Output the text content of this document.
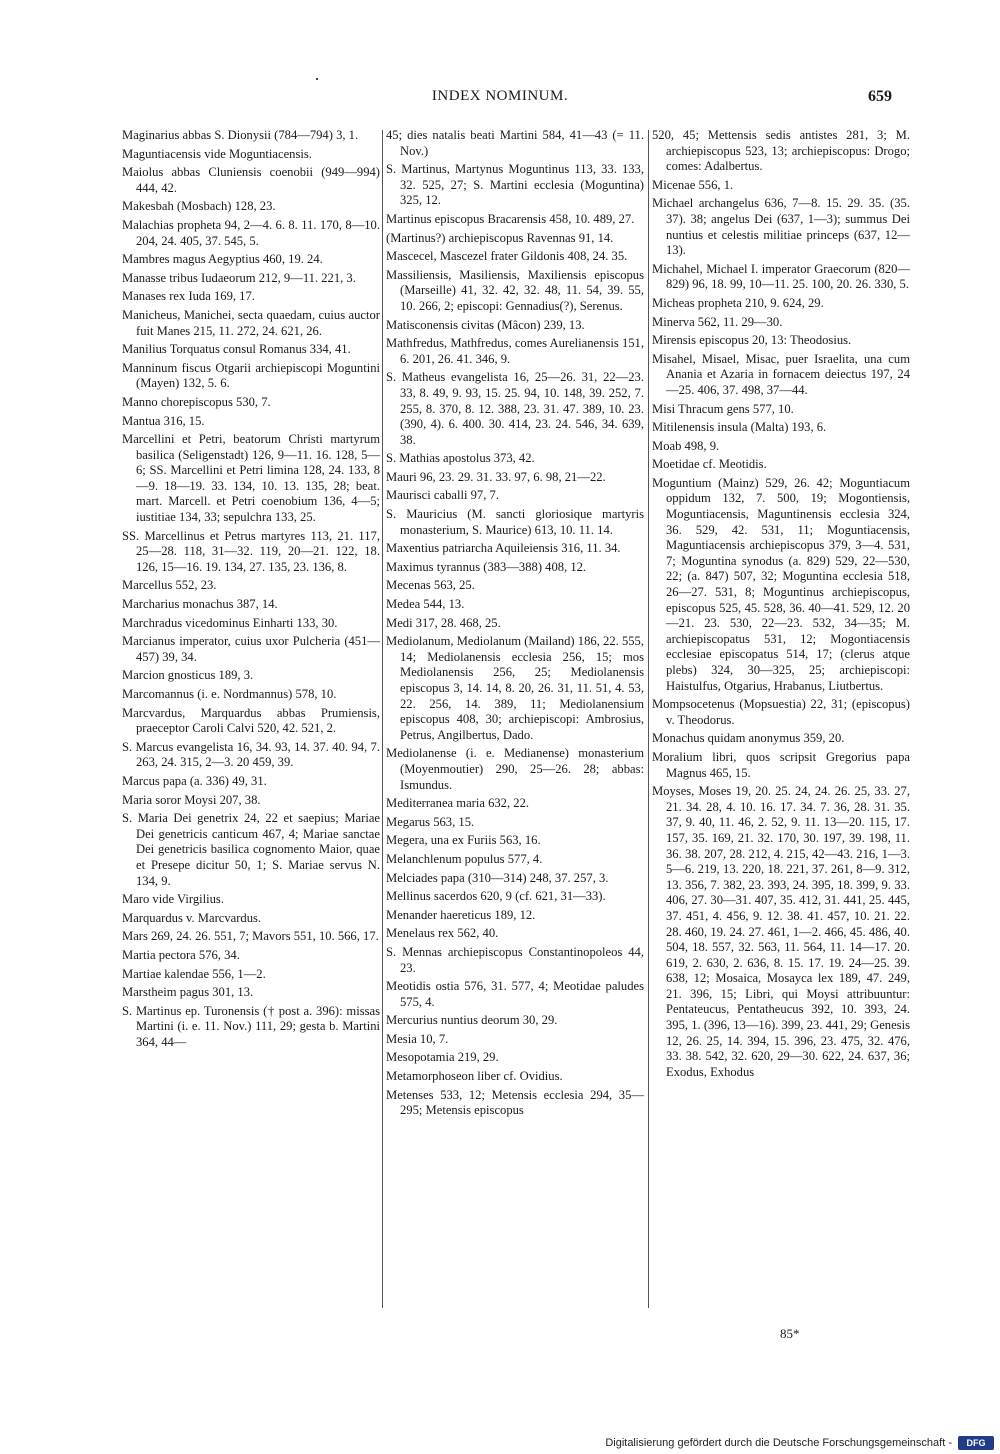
INDEX NOMINUM.	659

Maginarius abbas S. Dionysii (784—794) 3, 1.

Maguntiacensis vide Moguntiacensis.

Maiolus abbas Cluniensis coenobii (949—994) 444, 42.

Makesbah (Mosbach) 128, 23.

Malachias propheta 94, 2—4. 6. 8. 11. 170, 8—10. 204, 24. 405, 37. 545, 5.

Mambres magus Aegyptius 460, 19. 24.

Manasse tribus Iudaeorum 212, 9—11. 221, 3.

Manases rex Iuda 169, 17.

Manicheus, Manichei, secta quaedam, cuius auctor fuit Manes 215, 11. 272, 24. 621, 26.

Manilius Torquatus consul Romanus 334, 41.

Manninum fiscus Otgarii archiepiscopi Moguntini (Mayen) 132, 5. 6.

Manno chorepiscopus 530, 7.

Mantua 316, 15.

Marcellini et Petri, beatorum Christi martyrum basilica (Seligenstadt) 126, 9—11. 16. 128, 5—6; SS. Marcellini et Petri limina 128, 24. 133, 8—9. 18—19. 33. 134, 10. 13. 135, 28; beat. mart. Marcell. et Petri coenobium 136, 4—5; iustitiae 134, 33; sepulchra 133, 25.

SS. Marcellinus et Petrus martyres 113, 21. 117, 25—28. 118, 31—32. 119, 20—21. 122, 18. 126, 15—16. 19. 134, 27. 135, 23. 136, 8.

Marcellus 552, 23.

Marcharius monachus 387, 14.

Marchradus vicedominus Einharti 133, 30.

Marcianus imperator, cuius uxor Pulcheria (451—457) 39, 34.

Marcion gnosticus 189, 3.

Marcomannus (i. e. Nordmannus) 578, 10.

Marcvardus, Marquardus abbas Prumiensis, praeceptor Caroli Calvi 520, 42. 521, 2.

S. Marcus evangelista 16, 34. 93, 14. 37. 40. 94, 7. 263, 24. 315, 2—3. 20 459, 39.

Marcus papa (a. 336) 49, 31.

Maria soror Moysi 207, 38.

S. Maria Dei genetrix 24, 22 et saepius; Mariae Dei genetricis canticum 467, 4; Mariae sanctae Dei genetricis basilica cognomento Maior, quae et Presepe dicitur 50, 1; S. Mariae servus N. 134, 9.

Maro vide Virgilius.

Marquardus v. Marcvardus.

Mars 269, 24. 26. 551, 7; Mavors 551, 10. 566, 17.

Martia pectora 576, 34.

Martiae kalendae 556, 1—2.

Marstheim pagus 301, 13.

S. Martinus ep. Turonensis († post a. 396): missas Martini (i. e. 11. Nov.) 111, 29; gesta b. Martini 364, 44—

45; dies natalis beati Martini 584, 41—43 (= 11. Nov.)

S. Martinus, Martynus Moguntinus 113, 33. 133, 32. 525, 27; S. Martini ecclesia (Moguntina) 325, 12.

Martinus episcopus Bracarensis 458, 10. 489, 27.

(Martinus?) archiepiscopus Ravennas 91, 14.

Mascecel, Mascezel frater Gildonis 408, 24. 35.

Massiliensis, Masiliensis, Maxiliensis episcopus (Marseille) 41, 32. 42, 32. 48, 11. 54, 39. 55, 10. 266, 2; episcopi: Gennadius(?), Serenus.

Matisconensis civitas (Mâcon) 239, 13.

Mathfredus, Mathfredus, comes Aurelianensis 151, 6. 201, 26. 41. 346, 9.

S. Matheus evangelista 16, 25—26. 31, 22—23. 33, 8. 49, 9. 93, 15. 25. 94, 10. 148, 39. 252, 7. 255, 8. 370, 8. 12. 388, 23. 31. 47. 389, 10. 23. (390, 4). 6. 400. 30. 414, 23. 24. 546, 34. 639, 38.

S. Mathias apostolus 373, 42.

Mauri 96, 23. 29. 31. 33. 97, 6. 98, 21—22.

Maurisci caballi 97, 7.

S. Mauricius (M. sancti gloriosique martyris monasterium, S. Maurice) 613, 10. 11. 14.

Maxentius patriarcha Aquileiensis 316, 11. 34.

Maximus tyrannus (383—388) 408, 12.

Mecenas 563, 25.

Medea 544, 13.

Medi 317, 28. 468, 25.

Mediolanum, Mediolanum (Mailand) 186, 22. 555, 14; Mediolanensis ecclesia 256, 15; mos Mediolanensis 256, 25; Mediolanensis episcopus 3, 14. 14, 8. 20, 26. 31, 11. 51, 4. 53, 22. 256, 14. 389, 11; Mediolanensium episcopus 408, 30; archiepiscopi: Ambrosius, Petrus, Angilbertus, Dado.

Mediolanense (i. e. Medianense) monasterium (Moyenmoutier) 290, 25—26. 28; abbas: Ismundus.

Mediterranea maria 632, 22.

Megarus 563, 15.

Megera, una ex Furiis 563, 16.

Melanchlenum populus 577, 4.

Melciades papa (310—314) 248, 37. 257, 3.

Mellinus sacerdos 620, 9 (cf. 621, 31—33).

Menander haereticus 189, 12.

Menelaus rex 562, 40.

S. Mennas archiepiscopus Constantinopoleos 44, 23.

Meotidis ostia 576, 31. 577, 4; Meotidae paludes 575, 4.

Mercurius nuntius deorum 30, 29.

Mesia 10, 7.

Mesopotamia 219, 29.

Metamorphoseon liber cf. Ovidius.

Metenses 533, 12; Metensis ecclesia 294, 35—295; Metensis episcopus

520, 45; Mettensis sedis antistes 281, 3; M. archiepiscopus 523, 13; archiepiscopus: Drogo; comes: Adalbertus.

Micenae 556, 1.

Michael archangelus 636, 7—8. 15. 29. 35. (35. 37). 38; angelus Dei (637, 1—3); summus Dei nuntius et celestis militiae princeps (637, 12—13).

Michahel, Michael I. imperator Graecorum (820—829) 96, 18. 99, 10—11. 25. 100, 20. 26. 330, 5.

Micheas propheta 210, 9. 624, 29.

Minerva 562, 11. 29—30.

Mirensis episcopus 20, 13: Theodosius.

Misahel, Misael, Misac, puer Israelita, una cum Anania et Azaria in fornacem deiectus 197, 24—25. 406, 37. 498, 37—44.

Misi Thracum gens 577, 10.

Mitilenensis insula (Malta) 193, 6.

Moab 498, 9.

Moetidae cf. Meotidis.

Moguntium (Mainz) 529, 26. 42; Moguntiacum oppidum 132, 7. 500, 19; Mogontiensis, Moguntiacensis, Maguntinensis ecclesia 324, 36. 529, 42. 531, 11; Moguntiacensis, Maguntiacensis archiepiscopus 379, 3—4. 531, 7; Moguntina synodus (a. 829) 529, 22—530, 22; (a. 847) 507, 32; Moguntina ecclesia 518, 26—27. 531, 8; Moguntinus archiepiscopus, episcopus 525, 45. 528, 36. 40—41. 529, 12. 20—21. 23. 530, 22—23. 532, 34—35; M. archiepiscopatus 531, 12; Mogontiacensis ecclesiae episcopatus 514, 17; (clerus atque plebs) 324, 30—325, 25; archiepiscopi: Haistulfus, Otgarius, Hrabanus, Liutbertus.

Mompsocetenus (Mopsuestia) 22, 31; (episcopus) v. Theodorus.

Monachus quidam anonymus 359, 20.

Moralium libri, quos scripsit Gregorius papa Magnus 465, 15.

Moyses, Moses 19, 20. 25. 24, 24. 26. 25, 33. 27, 21. 34. 28, 4. 10. 16. 17. 34. 7. 36, 28. 31. 35. 37, 9. 40, 11. 46, 2. 52, 9. 11. 13—20. 115, 17. 157, 35. 169, 21. 32. 170, 30. 197, 39. 198, 11. 36. 38. 207, 28. 212, 4. 215, 42—43. 216, 1—3. 5—6. 219, 13. 220, 18. 221, 37. 261, 8—9. 312, 13. 356, 7. 382, 23. 393, 24. 395, 18. 399, 9. 33. 406, 27. 30—31. 407, 35. 412, 31. 441, 25. 445, 37. 451, 4. 456, 9. 12. 38. 41. 457, 10. 21. 22. 28. 460, 19. 24. 27. 461, 1—2. 466, 45. 486, 40. 504, 18. 557, 32. 563, 11. 564, 11. 14—17. 20. 619, 2. 630, 2. 636, 8. 15. 17. 19. 24—25. 39. 638, 12; Mosaica, Mosayca lex 189, 47. 249, 21. 396, 15; Libri, qui Moysi attribuuntur: Pentateucus, Pentatheucus 392, 10. 393, 24. 395, 1. (396, 13—16). 399, 23. 441, 29; Genesis 12, 26. 25, 14. 394, 15. 396, 23. 475, 32. 476, 33. 38. 542, 32. 620, 29—30. 622, 24. 637, 36; Exodus, Exhodus

85*
Digitalisierung gefördert durch die Deutsche Forschungsgemeinschaft -	DFG
